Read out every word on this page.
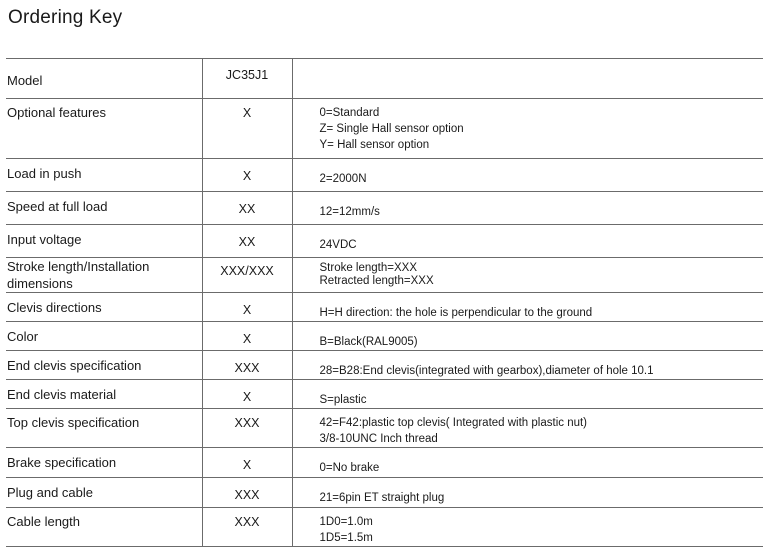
Ordering Key
Model	JC35J1	

Optional features	X	0=Standard
Z= Single Hall sensor option
Y= Hall sensor option

Load in push	X	2=2000N

Speed at full load	XX	12=12mm/s

Input voltage	XX	24VDC

Stroke length/Installation dimensions	XXX/XXX	Stroke length=XXX
Retracted length=XXX

Clevis directions	X	H=H direction: the hole is perpendicular to the ground

Color	X	B=Black(RAL9005)

End clevis specification	XXX	28=B28:End clevis(integrated with gearbox),diameter of hole 10.1

End clevis material	X	S=plastic

Top clevis specification	XXX	42=F42:plastic top clevis( Integrated with plastic nut)
3/8-10UNC Inch thread

Brake specification	X	0=No brake

Plug and cable	XXX	21=6pin ET straight plug

Cable length	XXX	1D0=1.0m
1D5=1.5m
